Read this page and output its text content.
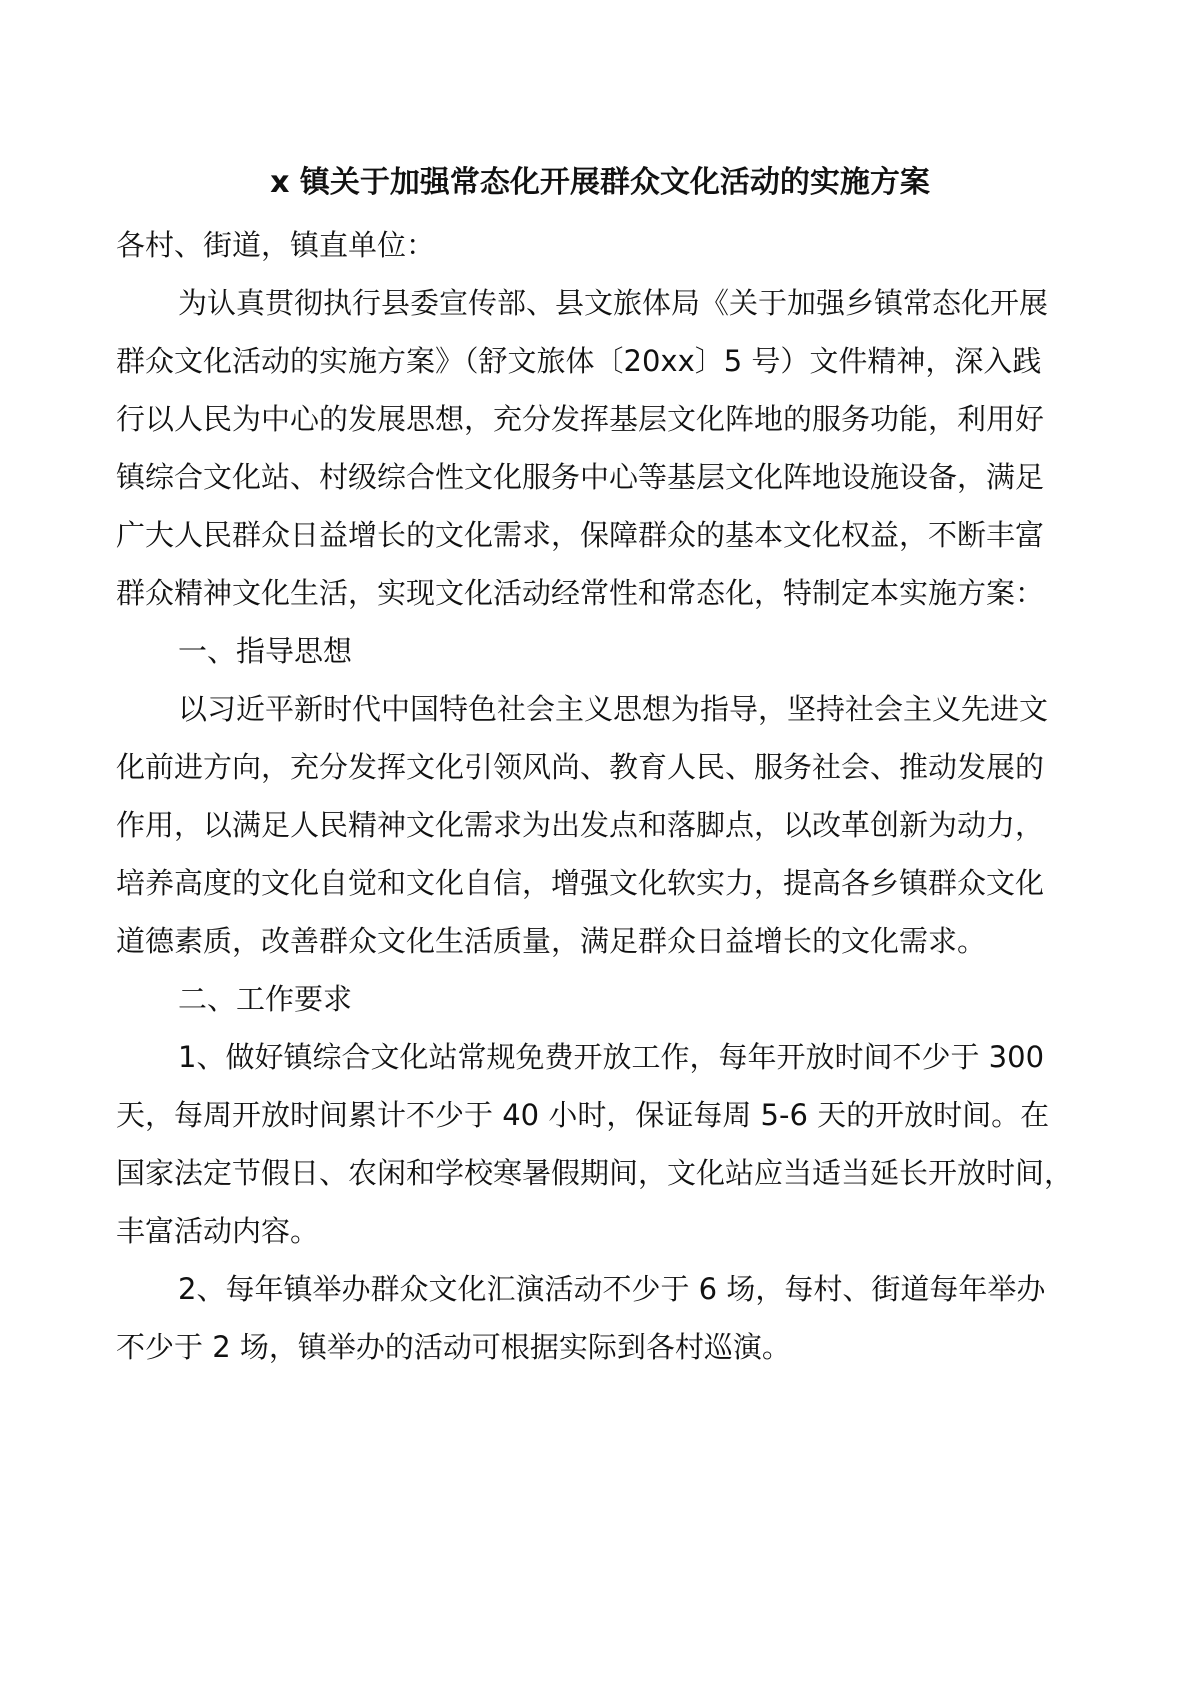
x 镇关于加强常态化开展群众文化活动的实施方案
各村、街道，镇直单位：
为认真贯彻执行县委宣传部、县文旅体局《关于加强乡镇常态化开展
群众文化活动的实施方案》（舒文旅体〔20xx〕5 号）文件精神，深入践
行以人民为中心的发展思想，充分发挥基层文化阵地的服务功能，利用好
镇综合文化站、村级综合性文化服务中心等基层文化阵地设施设备，满足
广大人民群众日益增长的文化需求，保障群众的基本文化权益，不断丰富
群众精神文化生活，实现文化活动经常性和常态化，特制定本实施方案：
一、指导思想
以习近平新时代中国特色社会主义思想为指导，坚持社会主义先进文
化前进方向，充分发挥文化引领风尚、教育人民、服务社会、推动发展的
作用，以满足人民精神文化需求为出发点和落脚点，以改革创新为动力，
培养高度的文化自觉和文化自信，增强文化软实力，提高各乡镇群众文化
道德素质，改善群众文化生活质量，满足群众日益增长的文化需求。
二、工作要求
1、做好镇综合文化站常规免费开放工作，每年开放时间不少于 300
天，每周开放时间累计不少于 40 小时，保证每周 5-6 天的开放时间。在
国家法定节假日、农闲和学校寒暑假期间，文化站应当适当延长开放时间，
丰富活动内容。
2、每年镇举办群众文化汇演活动不少于 6 场，每村、街道每年举办
不少于 2 场，镇举办的活动可根据实际到各村巡演。
